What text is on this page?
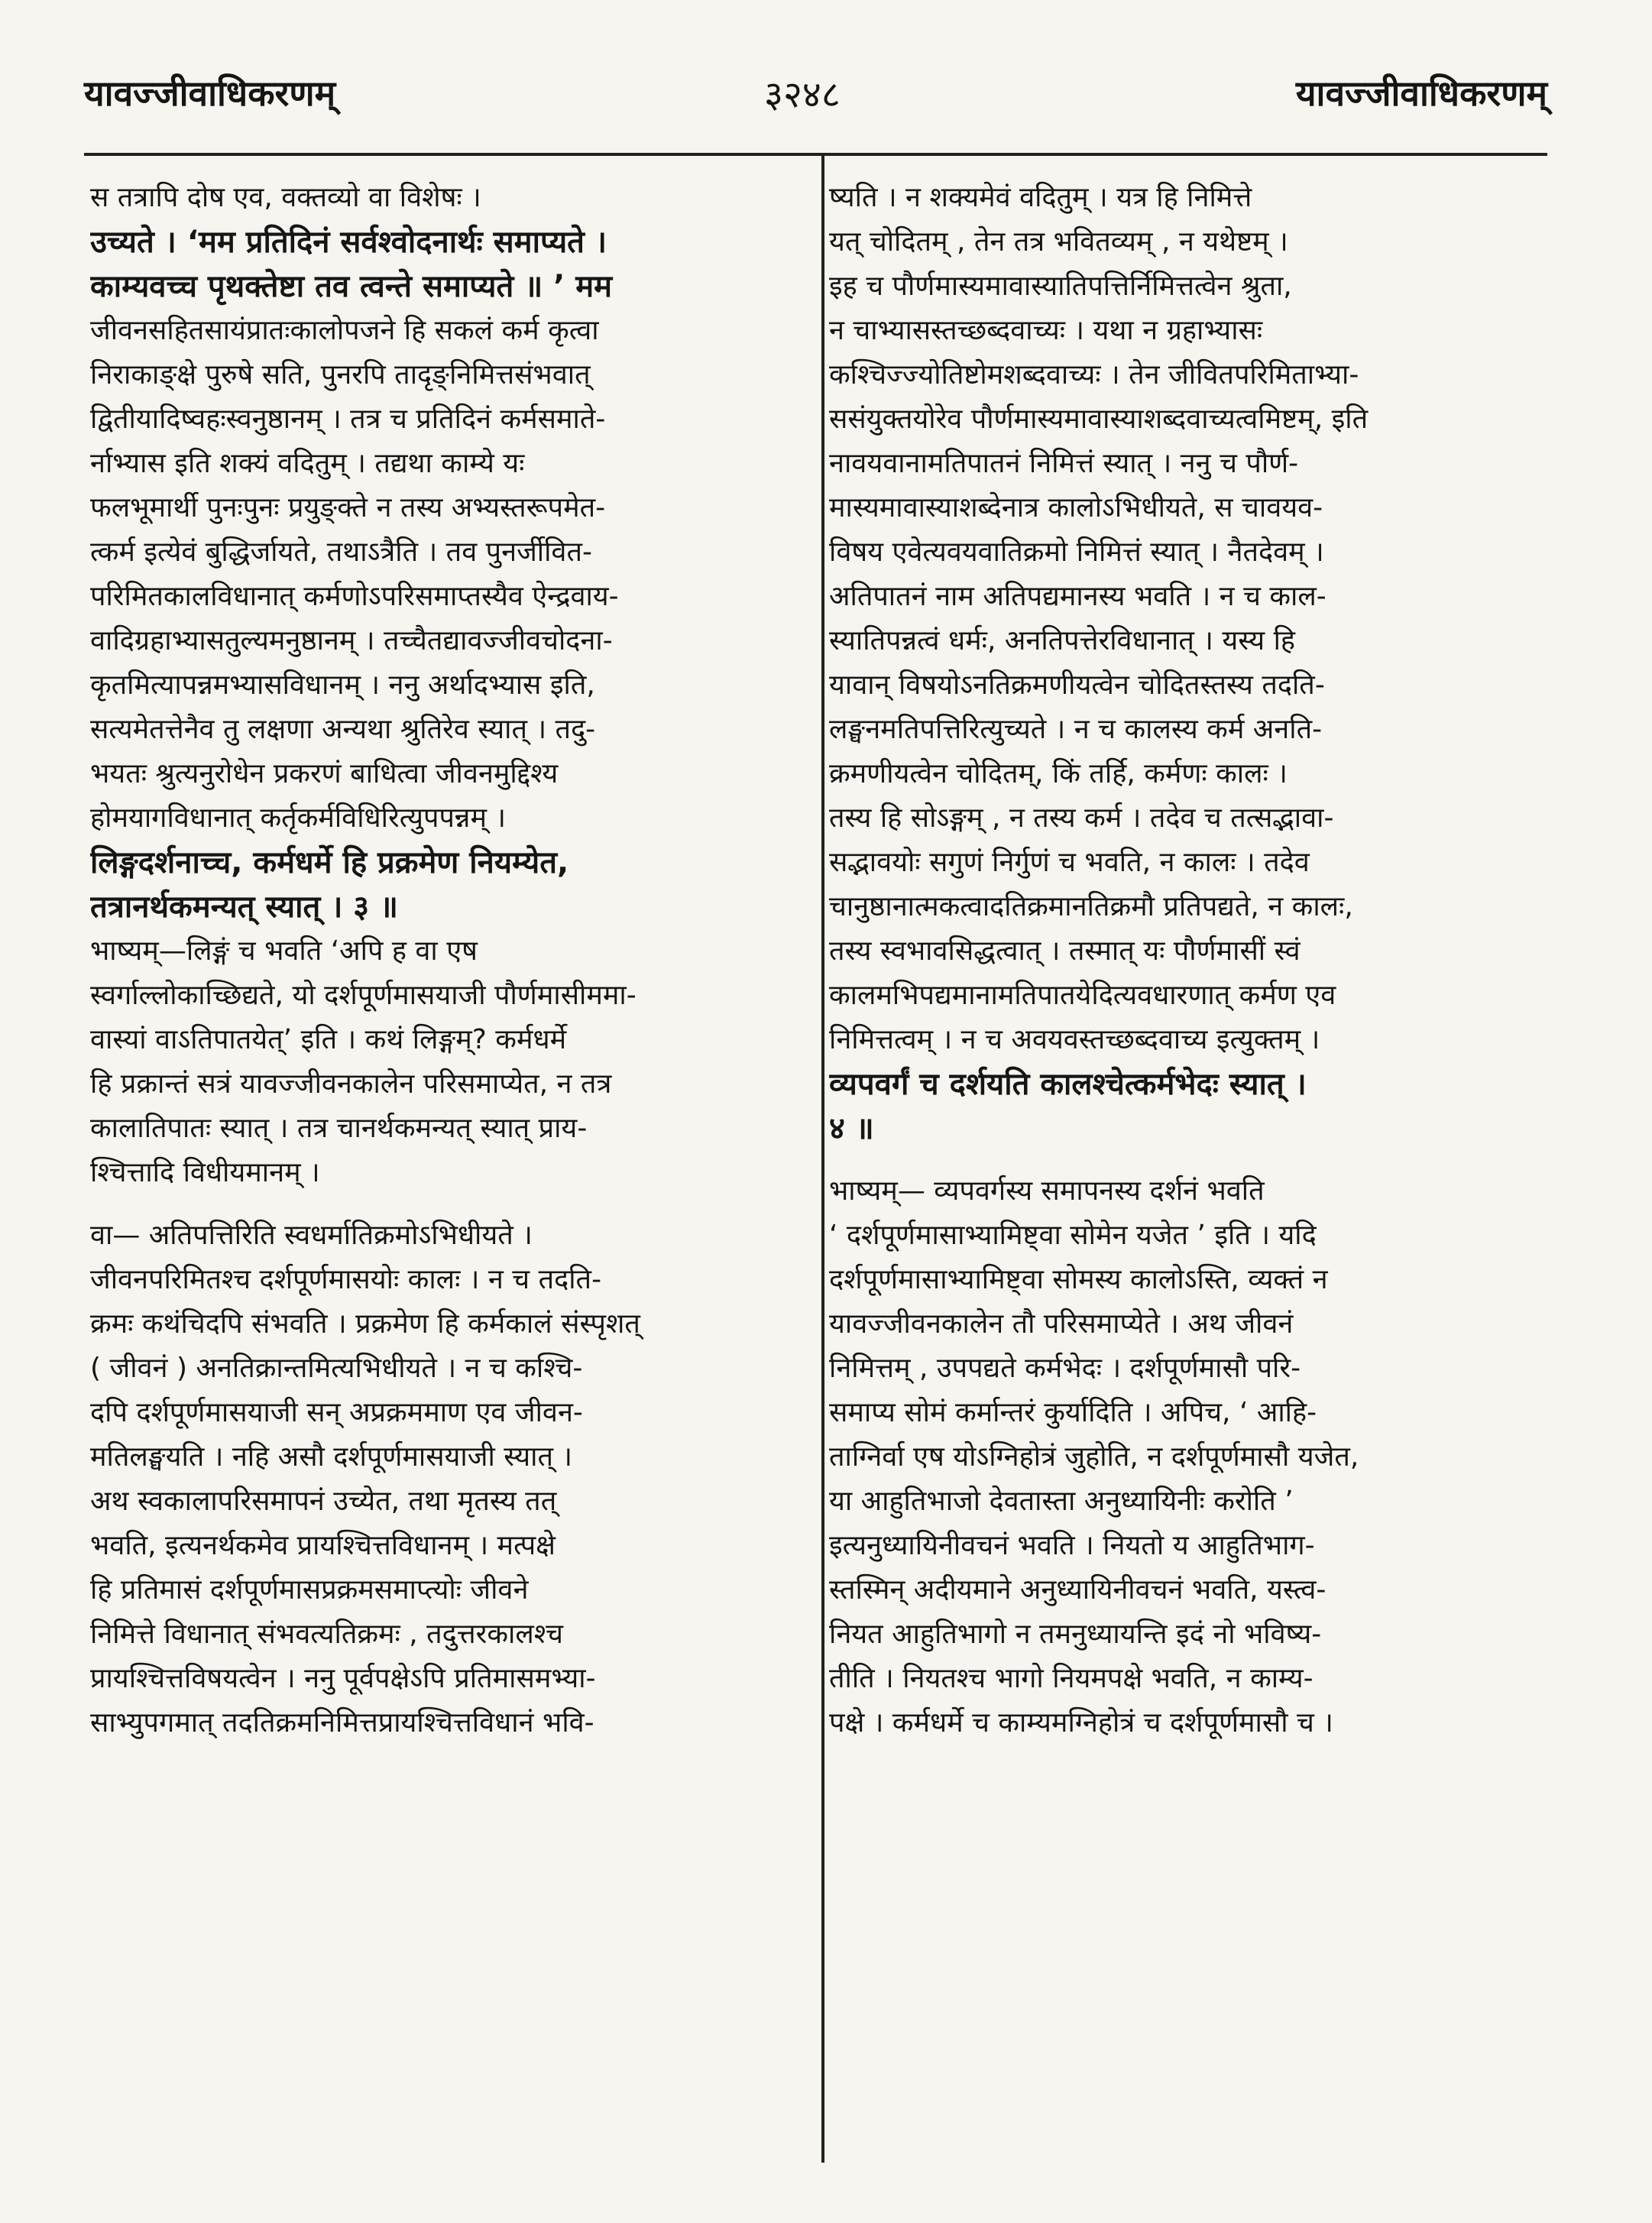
यावज्जीवाधिकरणम्	३२४८	यावज्जीवाधिकरणम्
स तत्रापि दोष एव, वक्तव्यो वा विशेषः ।
उच्यते । ‘मम प्रतिदिनं सर्वश्वोदनार्थः समाप्यते ।
काम्यवच्च पृथक्तेष्टा तव त्वन्ते समाप्यते ॥ ’ मम
जीवनसहितसायंप्रातःकालोपजने हि सकलं कर्म कृत्वा
निराकाङ्क्षे पुरुषे सति, पुनरपि तादृङ्निमित्तसंभवात्
द्वितीयादिष्वहःस्वनुष्ठानम् । तत्र च प्रतिदिनं कर्मसमाते-
र्नाभ्यास इति शक्यं वदितुम् । तद्यथा काम्ये यः
फलभूमार्थी पुनःपुनः प्रयुङ्क्ते न तस्य अभ्यस्तरूपमेत-
त्कर्म इत्येवं बुद्धिर्जायते, तथाऽत्रैति । तव पुनर्जीवित-
परिमितकालविधानात् कर्मणोऽपरिसमाप्तस्यैव ऐन्द्रवाय-
वादिग्रहाभ्यासतुल्यमनुष्ठानम् । तच्चैतद्यावज्जीवचोदना-
कृतमित्यापन्नमभ्यासविधानम् । ननु अर्थादभ्यास इति,
सत्यमेतत्तेनैव तु लक्षणा अन्यथा श्रुतिरेव स्यात् । तदु-
भयतः श्रुत्यनुरोधेन प्रकरणं बाधित्वा जीवनमुद्दिश्य
होमयागविधानात् कर्तृकर्मविधिरित्युपपन्नम् ।
लिङ्गदर्शनाच्च, कर्मधर्मे हि प्रक्रमेण नियम्येत,
तत्रानर्थकमन्यत् स्यात् । ३ ॥
भाष्यम्—लिङ्गं च भवति ‘अपि ह वा एष
स्वर्गाल्लोकाच्छिद्यते, यो दर्शपूर्णमासयाजी पौर्णमासीममा-
वास्यां वाऽतिपातयेत्’ इति । कथं लिङ्गम्? कर्मधर्मे
हि प्रक्रान्तं सत्रं यावज्जीवनकालेन परिसमाप्येत, न तत्र
कालातिपातः स्यात् । तत्र चानर्थकमन्यत् स्यात् प्राय-
श्चित्तादि विधीयमानम् ।
वा— अतिपत्तिरिति स्वधर्मातिक्रमोऽभिधीयते ।
जीवनपरिमितश्च दर्शपूर्णमासयोः कालः । न च तदति-
क्रमः कथंचिदपि संभवति । प्रक्रमेण हि कर्मकालं संस्पृशत्
( जीवनं ) अनतिक्रान्तमित्यभिधीयते । न च कश्चि-
दपि दर्शपूर्णमासयाजी सन् अप्रक्रममाण एव जीवन-
मतिलङ्घयति । नहि असौ दर्शपूर्णमासयाजी स्यात् ।
अथ स्वकालापरिसमापनं उच्येत, तथा मृतस्य तत्
भवति, इत्यनर्थकमेव प्रायश्चित्तविधानम् । मत्पक्षे
हि प्रतिमासं दर्शपूर्णमासप्रक्रमसमाप्त्योः जीवने
निमित्ते विधानात् संभवत्यतिक्रमः , तदुत्तरकालश्च
प्रायश्चित्तविषयत्वेन । ननु पूर्वपक्षेऽपि प्रतिमासमभ्या-
साभ्युपगमात् तदतिक्रमनिमित्तप्रायश्चित्तविधानं भवि-
ष्यति । न शक्यमेवं वदितुम् । यत्र हि निमित्ते
यत् चोदितम् , तेन तत्र भवितव्यम् , न यथेष्टम् ।
इह च पौर्णमास्यमावास्यातिपत्तिर्निमित्तत्वेन श्रुता,
न चाभ्यासस्तच्छब्दवाच्यः । यथा न ग्रहाभ्यासः
कश्चिज्ज्योतिष्टोमशब्दवाच्यः । तेन जीवितपरिमिताभ्या-
ससंयुक्तयोरेव पौर्णमास्यमावास्याशब्दवाच्यत्वमिष्टम्, इति
नावयवानामतिपातनं निमित्तं स्यात् । ननु च पौर्ण-
मास्यमावास्याशब्देनात्र कालोऽभिधीयते, स चावयव-
विषय एवेत्यवयवातिक्रमो निमित्तं स्यात् । नैतदेवम् ।
अतिपातनं नाम अतिपद्यमानस्य भवति । न च काल-
स्यातिपन्नत्वं धर्मः, अनतिपत्तेरविधानात् । यस्य हि
यावान् विषयोऽनतिक्रमणीयत्वेन चोदितस्तस्य तदति-
लङ्घनमतिपत्तिरित्युच्यते । न च कालस्य कर्म अनति-
क्रमणीयत्वेन चोदितम्, किं तर्हि, कर्मणः कालः ।
तस्य हि सोऽङ्गम् , न तस्य कर्म । तदेव च तत्सद्भावा-
सद्भावयोः सगुणं निर्गुणं च भवति, न कालः । तदेव
चानुष्ठानात्मकत्वादतिक्रमानतिक्रमौ प्रतिपद्यते, न कालः,
तस्य स्वभावसिद्धत्वात् । तस्मात् यः पौर्णमासीं स्वं
कालमभिपद्यमानामतिपातयेदित्यवधारणात् कर्मण एव
निमित्तत्वम् । न च अवयवस्तच्छब्दवाच्य इत्युक्तम् ।
व्यपवर्गं च दर्शयति कालश्चेत्कर्मभेदः स्यात् ।
४ ॥
भाष्यम्— व्यपवर्गस्य समापनस्य दर्शनं भवति
‘ दर्शपूर्णमासाभ्यामिष्ट्वा सोमेन यजेत ’ इति । यदि
दर्शपूर्णमासाभ्यामिष्ट्वा सोमस्य कालोऽस्ति, व्यक्तं न
यावज्जीवनकालेन तौ परिसमाप्येते । अथ जीवनं
निमित्तम् , उपपद्यते कर्मभेदः । दर्शपूर्णमासौ परि-
समाप्य सोमं कर्मान्तरं कुर्यादिति । अपिच, ‘ आहि-
ताग्निर्वा एष योऽग्निहोत्रं जुहोति, न दर्शपूर्णमासौ यजेत,
या आहुतिभाजो देवतास्ता अनुध्यायिनीः करोति ’
इत्यनुध्यायिनीवचनं भवति । नियतो य आहुतिभाग-
स्तस्मिन् अदीयमाने अनुध्यायिनीवचनं भवति, यस्त्व-
नियत आहुतिभागो न तमनुध्यायन्ति इदं नो भविष्य-
तीति । नियतश्च भागो नियमपक्षे भवति, न काम्य-
पक्षे । कर्मधर्मे च काम्यमग्निहोत्रं च दर्शपूर्णमासौ च ।
